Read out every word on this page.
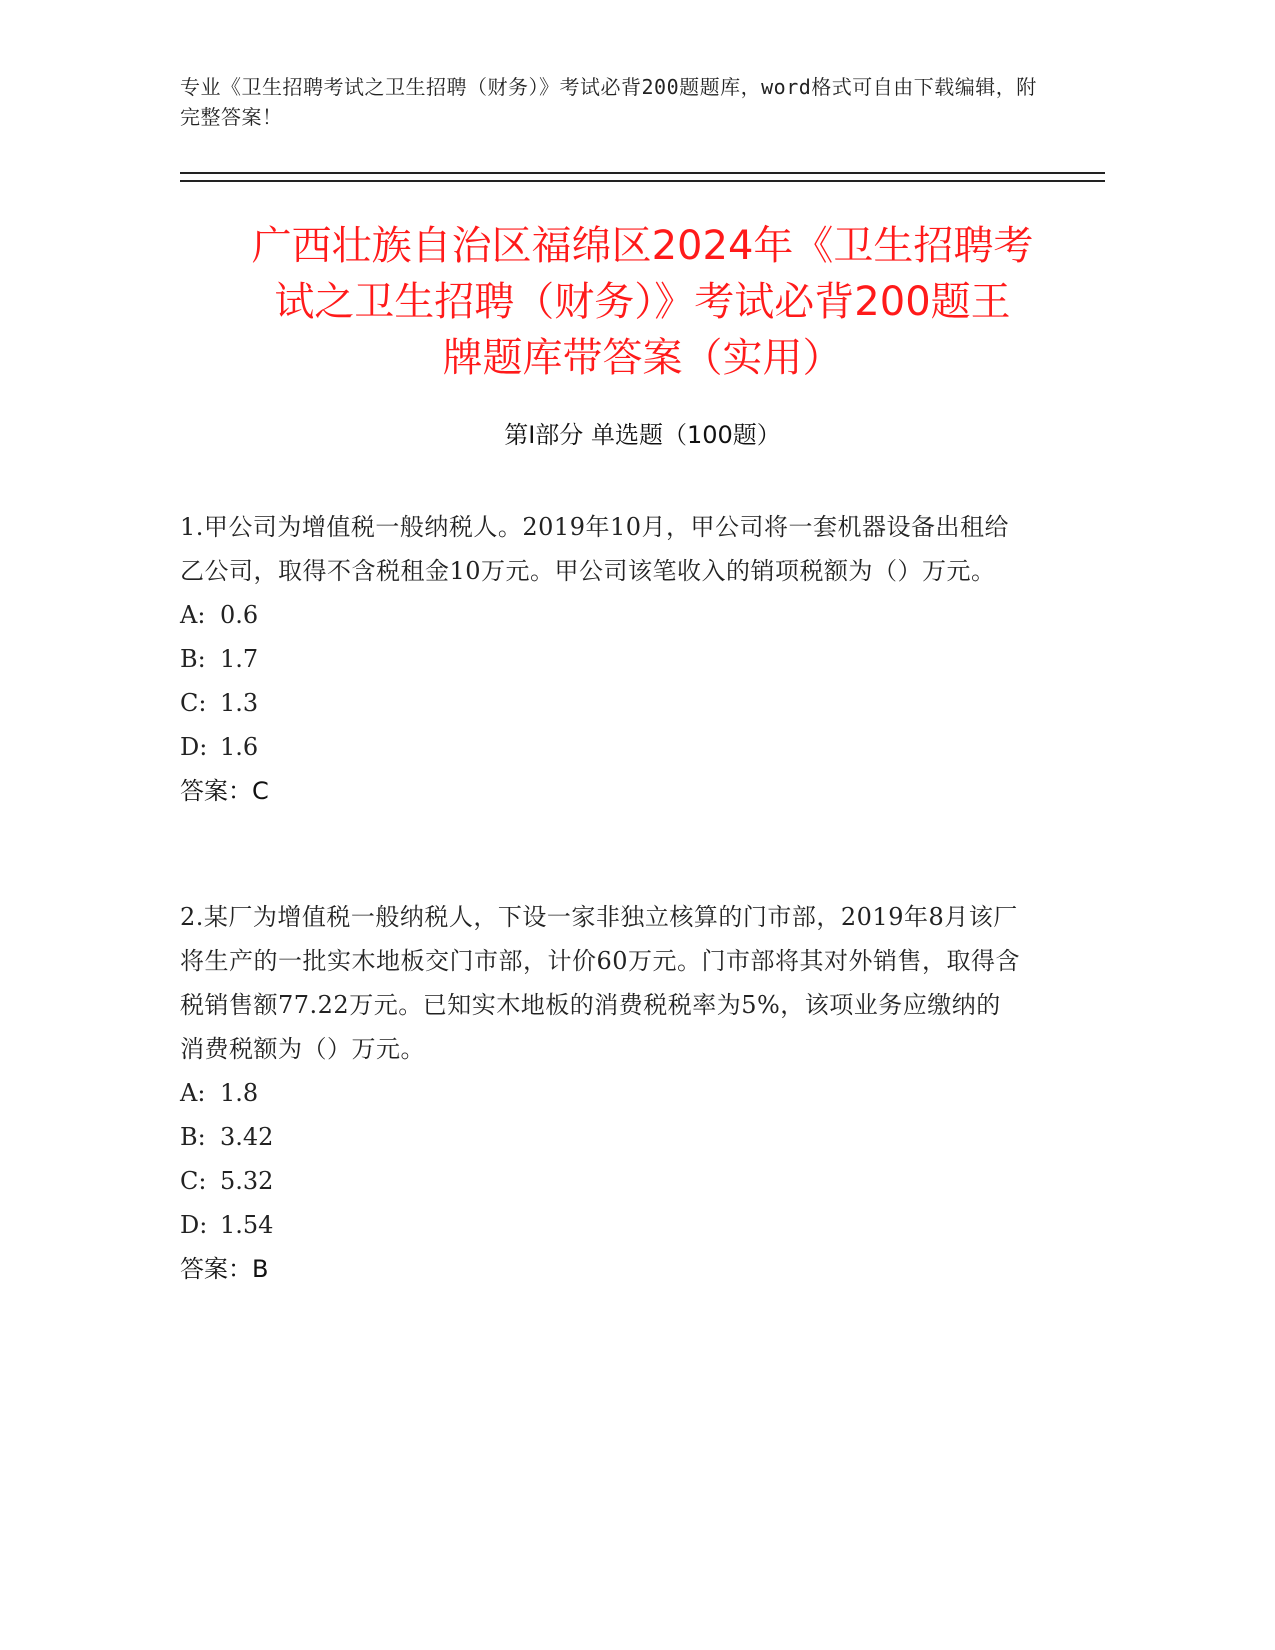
专业《卫生招聘考试之卫生招聘（财务）》考试必背200题题库，word格式可自由下载编辑，附完整答案！
广西壮族自治区福绵区2024年《卫生招聘考
试之卫生招聘（财务）》考试必背200题王
牌题库带答案（实用）
第Ⅰ部分 单选题（100题）
1.甲公司为增值税一般纳税人。2019年10月，甲公司将一套机器设备出租给乙公司，取得不含税租金10万元。甲公司该笔收入的销项税额为（）万元。
A: 0.6
B: 1.7
C: 1.3
D: 1.6
答案：C
2.某厂为增值税一般纳税人，下设一家非独立核算的门市部，2019年8月该厂将生产的一批实木地板交门市部，计价60万元。门市部将其对外销售，取得含税销售额77.22万元。已知实木地板的消费税税率为5%，该项业务应缴纳的消费税额为（）万元。
A: 1.8
B: 3.42
C: 5.32
D: 1.54
答案：B
